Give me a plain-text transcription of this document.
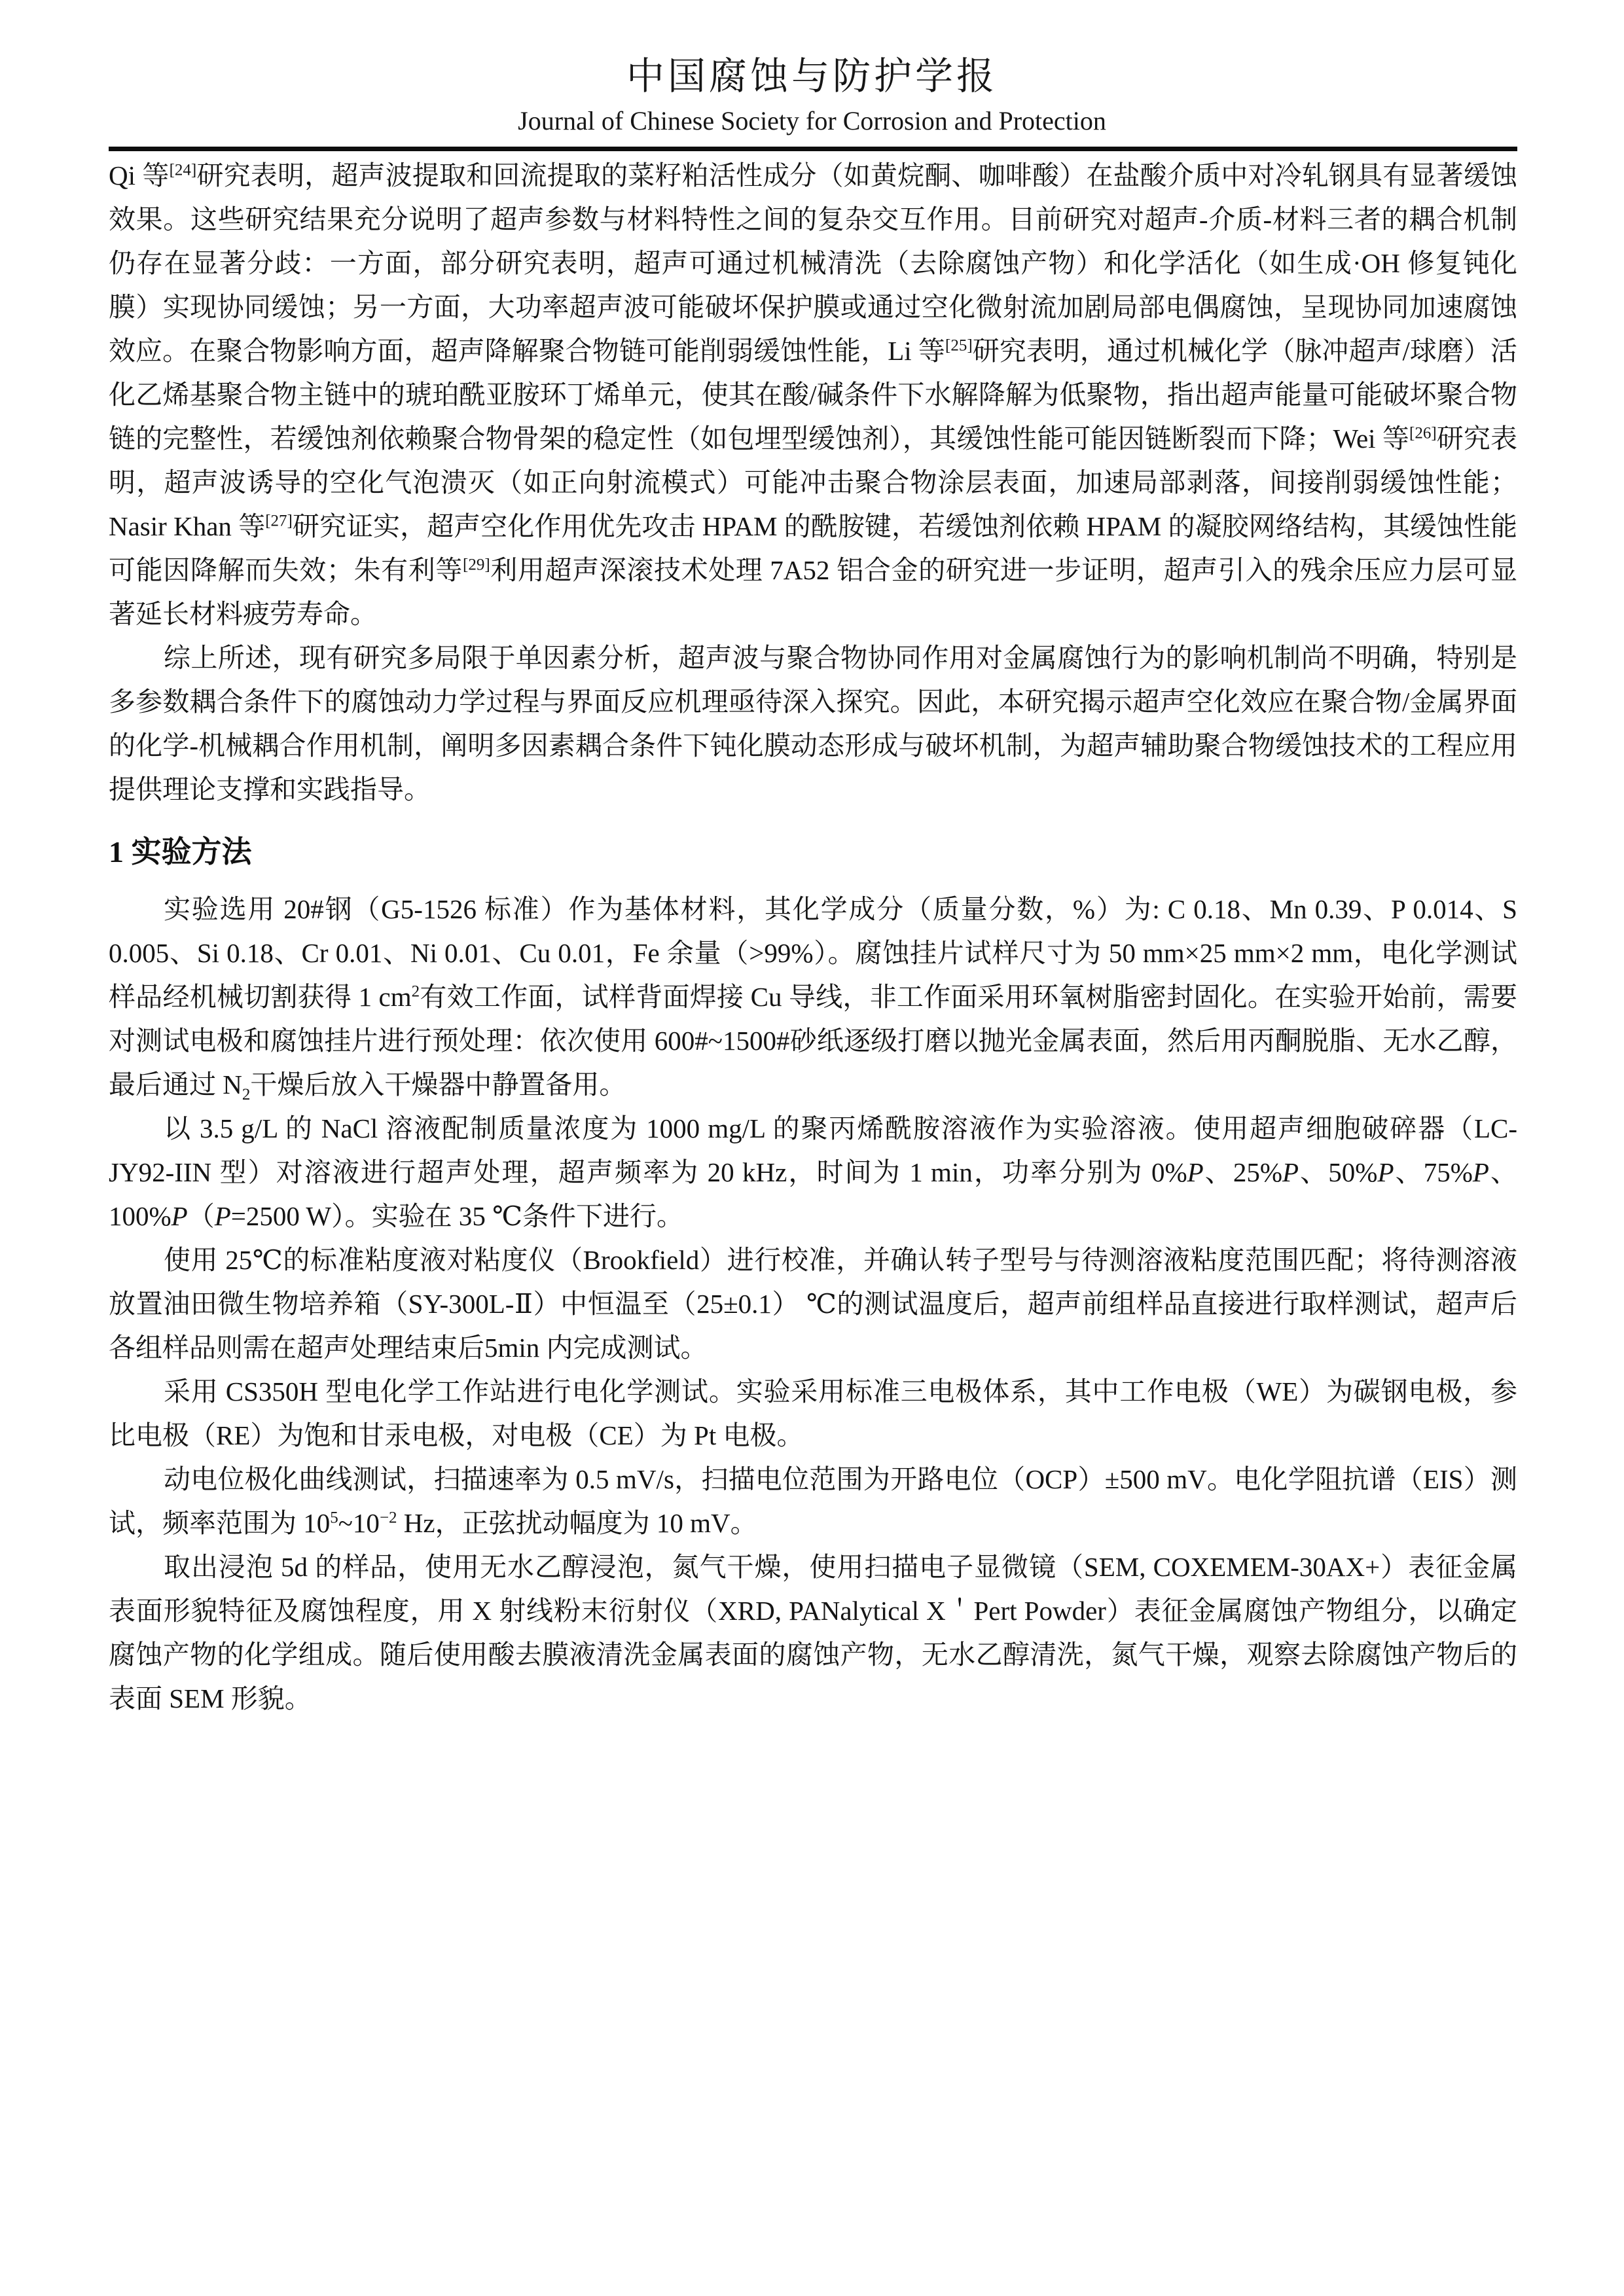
中国腐蚀与防护学报
Journal of Chinese Society for Corrosion and Protection

Qi 等[24]研究表明，超声波提取和回流提取的菜籽粕活性成分（如黄烷酮、咖啡酸）在盐酸介质中对冷轧钢具有显著缓蚀效果。这些研究结果充分说明了超声参数与材料特性之间的复杂交互作用。目前研究对超声-介质-材料三者的耦合机制仍存在显著分歧：一方面，部分研究表明，超声可通过机械清洗（去除腐蚀产物）和化学活化（如生成·OH 修复钝化膜）实现协同缓蚀；另一方面，大功率超声波可能破坏保护膜或通过空化微射流加剧局部电偶腐蚀，呈现协同加速腐蚀效应。在聚合物影响方面，超声降解聚合物链可能削弱缓蚀性能，Li 等[25]研究表明，通过机械化学（脉冲超声/球磨）活化乙烯基聚合物主链中的琥珀酰亚胺环丁烯单元，使其在酸/碱条件下水解降解为低聚物，指出超声能量可能破坏聚合物链的完整性，若缓蚀剂依赖聚合物骨架的稳定性（如包埋型缓蚀剂），其缓蚀性能可能因链断裂而下降；Wei 等[26]研究表明，超声波诱导的空化气泡溃灭（如正向射流模式）可能冲击聚合物涂层表面，加速局部剥落，间接削弱缓蚀性能；Nasir Khan 等[27]研究证实，超声空化作用优先攻击 HPAM 的酰胺键，若缓蚀剂依赖 HPAM 的凝胶网络结构，其缓蚀性能可能因降解而失效；朱有利等[29]利用超声深滚技术处理 7A52 铝合金的研究进一步证明，超声引入的残余压应力层可显著延长材料疲劳寿命。

综上所述，现有研究多局限于单因素分析，超声波与聚合物协同作用对金属腐蚀行为的影响机制尚不明确，特别是多参数耦合条件下的腐蚀动力学过程与界面反应机理亟待深入探究。因此，本研究揭示超声空化效应在聚合物/金属界面的化学-机械耦合作用机制，阐明多因素耦合条件下钝化膜动态形成与破坏机制，为超声辅助聚合物缓蚀技术的工程应用提供理论支撑和实践指导。

1 实验方法

实验选用 20#钢（G5-1526 标准）作为基体材料，其化学成分（质量分数，%）为: C 0.18、Mn 0.39、P 0.014、S 0.005、Si 0.18、Cr 0.01、Ni 0.01、Cu 0.01，Fe 余量（>99%）。腐蚀挂片试样尺寸为 50 mm×25 mm×2 mm，电化学测试样品经机械切割获得 1 $cm^2$有效工作面，试样背面焊接 Cu 导线，非工作面采用环氧树脂密封固化。在实验开始前，需要对测试电极和腐蚀挂片进行预处理：依次使用 600#~1500#砂纸逐级打磨以抛光金属表面，然后用丙酮脱脂、无水乙醇，最后通过 $N_2$干燥后放入干燥器中静置备用。

以 3.5 g/L 的 NaCl 溶液配制质量浓度为 1000 mg/L 的聚丙烯酰胺溶液作为实验溶液。使用超声细胞破碎器（LC-JY92-IIN 型）对溶液进行超声处理，超声频率为 20 kHz，时间为 1 min，功率分别为 0%P、25%P、50%P、75%P、100%P（P=2500 W）。实验在 35 ℃条件下进行。

使用 25℃的标准粘度液对粘度仪（Brookfield）进行校准，并确认转子型号与待测溶液粘度范围匹配；将待测溶液放置油田微生物培养箱（SY-300L-Ⅱ）中恒温至（25±0.1） ℃的测试温度后，超声前组样品直接进行取样测试，超声后各组样品则需在超声处理结束后5min 内完成测试。

采用 CS350H 型电化学工作站进行电化学测试。实验采用标准三电极体系，其中工作电极（WE）为碳钢电极，参比电极（RE）为饱和甘汞电极，对电极（CE）为 Pt 电极。

动电位极化曲线测试，扫描速率为 0.5 mV/s，扫描电位范围为开路电位（OCP）±500 mV。电化学阻抗谱（EIS）测试，频率范围为 $10^5\sim 10^{-2}$ Hz，正弦扰动幅度为 10 mV。

取出浸泡 5d 的样品，使用无水乙醇浸泡，氮气干燥，使用扫描电子显微镜（SEM, COXEMEM-30AX+）表征金属表面形貌特征及腐蚀程度，用 X 射线粉末衍射仪（XRD, PANalytical X＇Pert Powder）表征金属腐蚀产物组分，以确定腐蚀产物的化学组成。随后使用酸去膜液清洗金属表面的腐蚀产物，无水乙醇清洗，氮气干燥，观察去除腐蚀产物后的表面 SEM 形貌。
